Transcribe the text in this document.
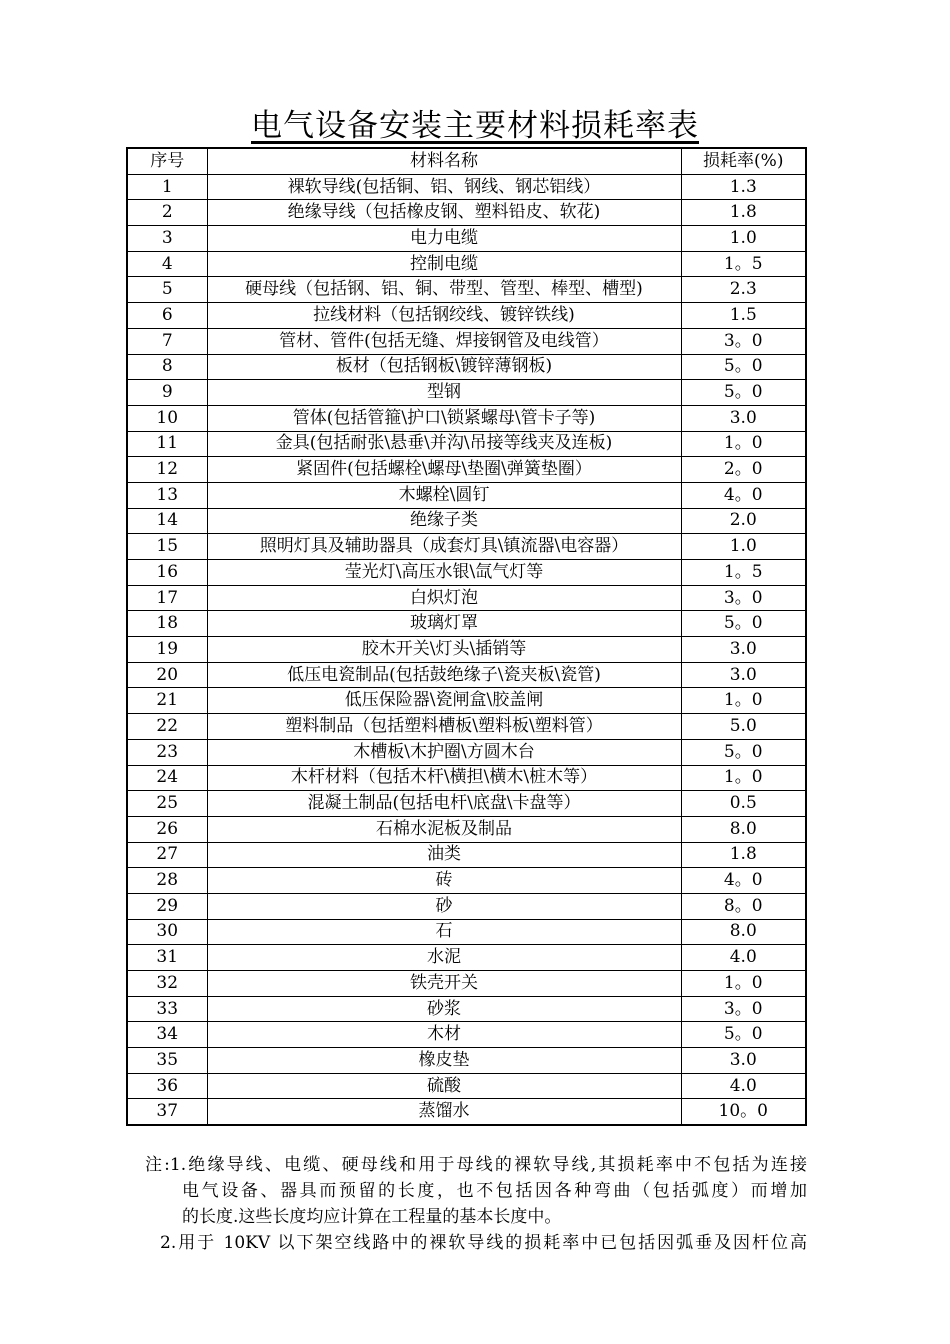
电气设备安装主要材料损耗率表
序号	材料名称	损耗率(%)
1	裸软导线(包括铜、铝、钢线、钢芯铝线）	1.3
2	绝缘导线（包括橡皮钢、塑料铅皮、软花)	1.8
3	电力电缆	1.0
4	控制电缆	1。5
5	硬母线（包括钢、铝、铜、带型、管型、棒型、槽型)	2.3
6	拉线材料（包括钢绞线、镀锌铁线)	1.5
7	管材、管件(包括无缝、焊接钢管及电线管）	3。0
8	板材（包括钢板\镀锌薄钢板)	5。0
9	型钢	5。0
10	管体(包括管箍\护口\锁紧螺母\管卡子等)	3.0
11	金具(包括耐张\悬垂\并沟\吊接等线夹及连板)	1。0
12	紧固件(包括螺栓\螺母\垫圈\弹簧垫圈）	2。0
13	木螺栓\圆钉	4。0
14	绝缘子类	2.0
15	照明灯具及辅助器具（成套灯具\镇流器\电容器）	1.0
16	莹光灯\高压水银\氙气灯等	1。5
17	白炽灯泡	3。0
18	玻璃灯罩	5。0
19	胶木开关\灯头\插销等	3.0
20	低压电瓷制品(包括鼓绝缘子\瓷夹板\瓷管)	3.0
21	低压保险器\瓷闸盒\胶盖闸	1。0
22	塑料制品（包括塑料槽板\塑料板\塑料管）	5.0
23	木槽板\木护圈\方圆木台	5。0
24	木杆材料（包括木杆\横担\横木\桩木等）	1。0
25	混凝土制品(包括电杆\底盘\卡盘等）	0.5
26	石棉水泥板及制品	8.0
27	油类	1.8
28	砖	4。0
29	砂	8。0
30	石	8.0
31	水泥	4.0
32	铁壳开关	1。0
33	砂浆	3。0
34	木材	5。0
35	橡皮垫	3.0
36	硫酸	4.0
37	蒸馏水	10。0
注:1.绝缘导线、电缆、硬母线和用于母线的裸软导线,其损耗率中不包括为连接
电气设备、器具而预留的长度，也不包括因各种弯曲（包括弧度）而增加
的长度.这些长度均应计算在工程量的基本长度中。
2.用于 10KV 以下架空线路中的裸软导线的损耗率中已包括因弧垂及因杆位高
